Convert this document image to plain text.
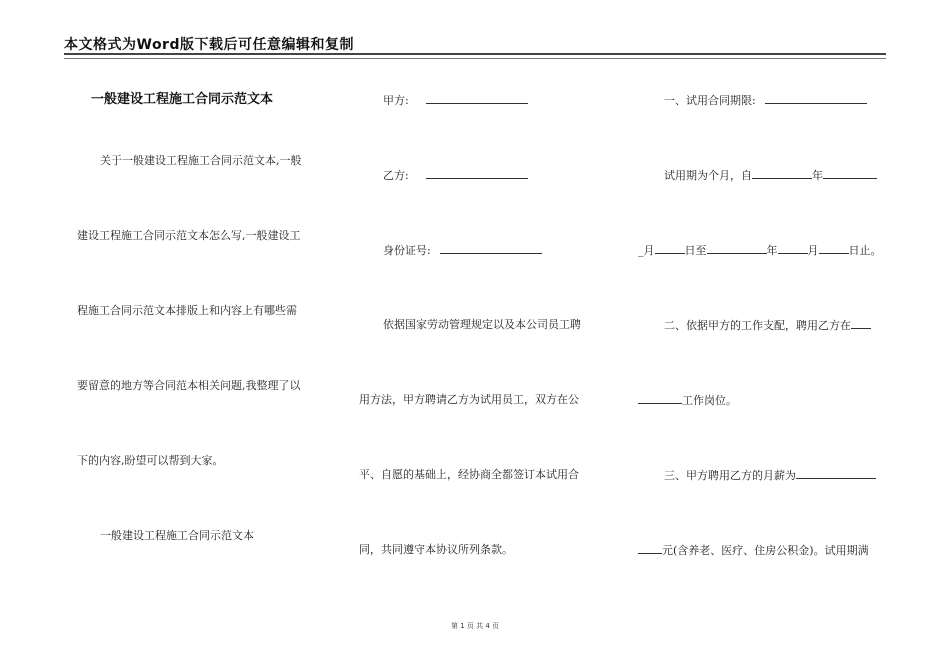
本文格式为Word版下载后可任意编辑和复制
一般建设工程施工合同示范文本
关于一般建设工程施工合同示范文本,一般
建设工程施工合同示范文本怎么写,一般建设工
程施工合同示范文本排版上和内容上有哪些需
要留意的地方等合同范本相关问题,我整理了以
下的内容,盼望可以帮到大家。
一般建设工程施工合同示范文本
甲方:
乙方:
身份证号:
依据国家劳动管理规定以及本公司员工聘
用方法，甲方聘请乙方为试用员工，双方在公
平、自愿的基础上，经协商全都签订本试用合
同，共同遵守本协议所列条款。
一、试用合同期限:
试用期为个月，自	年
_月	日至	年	月	日止。
二、依据甲方的工作支配，聘用乙方在
工作岗位。
三、甲方聘用乙方的月薪为
元(含养老、医疗、住房公积金)。试用期满
第 1 页 共 4 页
